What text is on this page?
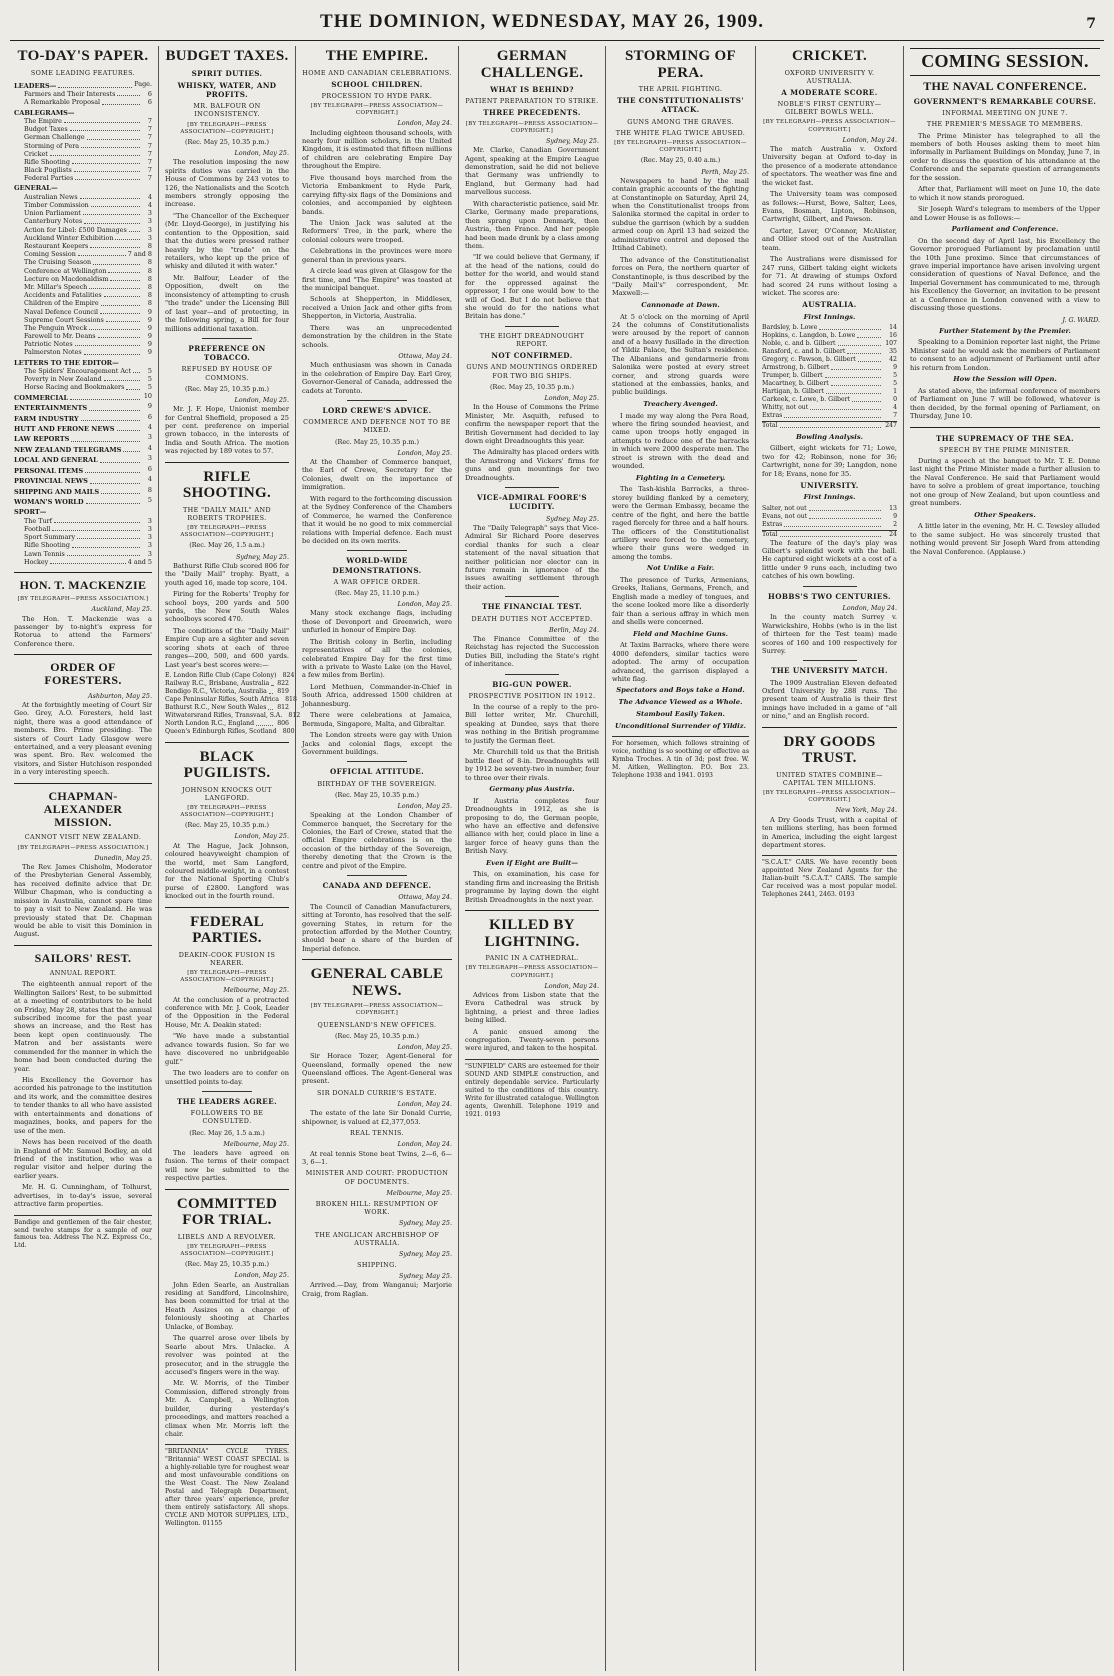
THE DOMINION, WEDNESDAY, MAY 26, 1909.	7
TO-DAY'S PAPER.
SOME LEADING FEATURES.
LEADERS—	Page.
Farmers and Their Interests	6
A Remarkable Proposal	6
CABLEGRAMS—
The Empire	7
Budget Taxes	7
German Challenge	7
Storming of Pera	7
Cricket	7
Rifle Shooting	7
Black Pugilists	7
Federal Parties	7
GENERAL—
Australian News	4
Timber Commission	4
Union Parliament	3
Canterbury Notes	3
Action for Libel: £500 Damages	3
Auckland Winter Exhibition	3
Restaurant Keepers	8
Coming Session	7 and 8
The Cruising Season	8
Conference at Wellington	8
Lecture on Macdonaldism	8
Mr. Millar's Speech	8
Accidents and Fatalities	8
Children of the Empire	8
Naval Defence Council	9
Supreme Court Sessions	9
The Penguin Wreck	9
Farewell to Mr. Deans	9
Patriotic Notes	9
Palmerston Notes	9
LETTERS TO THE EDITOR—
The Spiders' Encouragement Act	5
Poverty in New Zealand	5
Horse Racing and Bookmakers	5
COMMERCIAL	10
ENTERTAINMENTS	9
FARM INDUSTRY	6
HUTT AND FERONE NEWS	4
LAW REPORTS	3
NEW ZEALAND TELEGRAMS	4
LOCAL AND GENERAL	3
PERSONAL ITEMS	6
PROVINCIAL NEWS	4
SHIPPING AND MAILS	8
WOMAN'S WORLD	5
SPORT—
The Turf	3
Football	3
Sport Summary	3
Rifle Shooting	3
Lawn Tennis	3
Hockey	4 and 5
HON. T. MACKENZIE
[BY TELEGRAPH—PRESS ASSOCIATION.]
Auckland, May 25.
The Hon. T. Mackenzie was a passenger by to-night's express for Rotorua to attend the Farmers' Conference there.
ORDER OF FORESTERS.
Ashburton, May 25.
At the fortnightly meeting of Court Sir Geo. Grey, A.O. Foresters, held last night, there was a good attendance of members. Bro. Prime presiding. The sisters of Court Lady Glasgow were entertained, and a very pleasant evening was spent. Bro. Rev. welcomed the visitors, and Sister Hutchison responded in a very interesting speech.
CHAPMAN-ALEXANDER MISSION.
CANNOT VISIT NEW ZEALAND.
[BY TELEGRAPH—PRESS ASSOCIATION.]
Dunedin, May 25.
The Rev. James Chisholm, Moderator of the Presbyterian General Assembly, has received definite advice that Dr. Wilbur Chapman, who is conducting a mission in Australia, cannot spare time to pay a visit to New Zealand. He was previously stated that Dr. Chapman would be able to visit this Dominion in August.
SAILORS' REST.
ANNUAL REPORT.
The eighteenth annual report of the Wellington Sailors' Rest, to be submitted at a meeting of contributors to be held on Friday, May 28, states that the annual subscribed income for the past year shows an increase, and the Rest has been kept open continuously. The Matron and her assistants were commended for the manner in which the home had been conducted during the year.
His Excellency the Governor has accorded his patronage to the institution and its work, and the committee desires to tender thanks to all who have assisted with entertainments and donations of magazines, books, and papers for the use of the men.
News has been received of the death in England of Mr. Samuel Bodley, an old friend of the institution, who was a regular visitor and helper during the earlier years.
Mr. H. G. Cunningham, of Tolhurst, advertises, in to-day's issue, several attractive farm properties.
Bandige and gentlemen of the fair chester, send twelve stamps for a sample of our famous tea. Address The N.Z. Express Co., Ltd.
BUDGET TAXES.
SPIRIT DUTIES.
WHISKY, WATER, AND PROFITS.
MR. BALFOUR ON INCONSISTENCY.
[BY TELEGRAPH—PRESS ASSOCIATION—COPYRIGHT.]
(Rec. May 25, 10.35 p.m.)
London, May 25.
The resolution imposing the new spirits duties was carried in the House of Commons by 243 votes to 126, the Nationalists and the Scotch members strongly opposing the increase.
"The Chancellor of the Exchequer (Mr. Lloyd-George), in justifying his contention to the Opposition, said that the duties were pressed rather heavily by the "trade" on the retailers, who kept up the price of whisky and diluted it with water."
Mr. Balfour, Leader of the Opposition, dwelt on the inconsistency of attempting to crush "the trade" under the Licensing Bill of last year—and of protecting, in the following spring, a Bill for four millions additional taxation.
PREFERENCE ON TOBACCO.
REFUSED BY HOUSE OF COMMONS.
(Rec. May 25, 10.35 p.m.)
London, May 25.
Mr. J. F. Hope, Unionist member for Central Sheffield, proposed a 25 per cent. preference on imperial grown tobacco, in the interests of India and South Africa. The motion was rejected by 189 votes to 57.
RIFLE SHOOTING.
THE "DAILY MAIL" AND ROBERTS TROPHIES.
[BY TELEGRAPH—PRESS ASSOCIATION—COPYRIGHT.]
(Rec. May 26, 1.5 a.m.)
Sydney, May 25.
Bathurst Rifle Club scored 806 for the "Daily Mail" trophy. Byatt, a youth aged 16, made top score, 104.
Firing for the Roberts' Trophy for school boys, 200 yards and 500 yards, the New South Wales schoolboys scored 470.
The conditions of the "Daily Mail" Empire Cup are a sighter and seven scoring shots at each of three ranges—200, 500, and 600 yards. Last year's best scores were:—
E. London Rifle Club (Cape Colony) 824
Railway R.C., Brisbane, Australia	822
Bendigo R.C., Victoria, Australia	819
Cape Peninsular Rifles, South Africa 818
Bathurst R.C., New South Wales	812
Witwatersrand Rifles, Transvaal, S.A. 812
North London R.C., England	806
Queen's Edinburgh Rifles, Scotland 800
BLACK PUGILISTS.
JOHNSON KNOCKS OUT LANGFORD.
[BY TELEGRAPH—PRESS ASSOCIATION—COPYRIGHT.]
(Rec. May 25, 10.35 p.m.)
London, May 25.
At The Hague, Jack Johnson, coloured heavyweight champion of the world, met Sam Langford, coloured middle-weight, in a contest for the National Sporting Club's purse of £2800. Langford was knocked out in the fourth round.
FEDERAL PARTIES.
DEAKIN-COOK FUSION IS NEARER.
[BY TELEGRAPH—PRESS ASSOCIATION—COPYRIGHT.]
Melbourne, May 25.
At the conclusion of a protracted conference with Mr. J. Cook, Leader of the Opposition in the Federal House, Mr. A. Deakin stated:
"We have made a substantial advance towards fusion. So far we have discovered no unbridgeable gulf."
The two leaders are to confer on unsettled points to-day.
THE LEADERS AGREE.
FOLLOWERS TO BE CONSULTED.
(Rec. May 26, 1.5 a.m.)
Melbourne, May 25.
The leaders have agreed on fusion. The terms of their compact will now be submitted to the respective parties.
COMMITTED FOR TRIAL.
LIBELS AND A REVOLVER.
[BY TELEGRAPH—PRESS ASSOCIATION—COPYRIGHT.]
(Rec. May 25, 10.35 p.m.)
London, May 25.
John Eden Searle, an Australian residing at Sandford, Lincolnshire, has been committed for trial at the Heath Assizes on a charge of feloniously shooting at Charles Unlacke, of Bombay.
The quarrel arose over libels by Searle about Mrs. Unlacke. A revolver was pointed at the prosecutor, and in the struggle the accused's fingers were in the way.
Mr. W. Morris, of the Timber Commission, differed strongly from Mr. A. Campbell, a Wellington builder, during yesterday's proceedings, and matters reached a climax when Mr. Morris left the chair.
"BRITANNIA" CYCLE TYRES. "Britannia" WEST COAST SPECIAL is a highly-reliable tyre for roughest wear and most unfavourable conditions on the West Coast. The New Zealand Postal and Telegraph Department, after three years' experience, prefer them entirely satisfactory. All shops. CYCLE AND MOTOR SUPPLIES, LTD., Wellington. 01155
THE EMPIRE.
HOME AND CANADIAN CELEBRATIONS.
SCHOOL CHILDREN.
PROCESSION TO HYDE PARK.
[BY TELEGRAPH—PRESS ASSOCIATION—COPYRIGHT.]
London, May 24.
Including eighteen thousand schools, with nearly four million scholars, in the United Kingdom, it is estimated that fifteen millions of children are celebrating Empire Day throughout the Empire.
Five thousand boys marched from the Victoria Embankment to Hyde Park, carrying fifty-six flags of the Dominions and colonies, and accompanied by eighteen bands.
The Union Jack was saluted at the Reformers' Tree, in the park, where the colonial colours were trooped.
Celebrations in the provinces were more general than in previous years.
A circle lead was given at Glasgow for the first time, and "The Empire" was toasted at the municipal banquet.
Schools at Shepperton, in Middlesex, received a Union Jack and other gifts from Shepperton, in Victoria, Australia.
There was an unprecedented demonstration by the children in the State schools.
Ottawa, May 24.
Much enthusiasm was shown in Canada in the celebration of Empire Day. Earl Grey, Governor-General of Canada, addressed the cadets at Toronto.
LORD CREWE'S ADVICE.
COMMERCE AND DEFENCE NOT TO BE MIXED.
(Rec. May 25, 10.35 p.m.)
London, May 25.
At the Chamber of Commerce banquet, the Earl of Crewe, Secretary for the Colonies, dwelt on the importance of immigration.
With regard to the forthcoming discussion at the Sydney Conference of the Chambers of Commerce, he warned the Conference that it would be no good to mix commercial relations with Imperial defence. Each must be decided on its own merits.
WORLD-WIDE DEMONSTRATIONS.
A WAR OFFICE ORDER.
(Rec. May 25, 11.10 p.m.)
London, May 25.
Many stock exchange flags, including those of Devonport and Greenwich, were unfurled in honour of Empire Day.
The British colony in Berlin, including representatives of all the colonies, celebrated Empire Day for the first time with a private to Waste Lake (on the Havel, a few miles from Berlin).
Lord Methuen, Commander-in-Chief in South Africa, addressed 1500 children at Johannesburg.
There were celebrations at Jamaica, Bermuda, Singapore, Malta, and Gibraltar.
The London streets were gay with Union Jacks and colonial flags, except the Government buildings.
OFFICIAL ATTITUDE.
BIRTHDAY OF THE SOVEREIGN.
(Rec. May 25, 10.35 p.m.)
London, May 25.
Speaking at the London Chamber of Commerce banquet, the Secretary for the Colonies, the Earl of Crewe, stated that the official Empire celebrations is on the occasion of the birthday of the Sovereign, thereby denoting that the Crown is the centre and pivot of the Empire.
CANADA AND DEFENCE.
Ottawa, May 24.
The Council of Canadian Manufacturers, sitting at Toronto, has resolved that the self-governing States, in return for the protection afforded by the Mother Country, should bear a share of the burden of Imperial defence.
GENERAL CABLE NEWS.
[BY TELEGRAPH—PRESS ASSOCIATION—COPYRIGHT.]
QUEENSLAND'S NEW OFFICES.
(Rec. May 25, 10.35 p.m.)
London, May 25.
Sir Horace Tozer, Agent-General for Queensland, formally opened the new Queensland offices. The Agent-General was present.
SIR DONALD CURRIE'S ESTATE.
London, May 24.
The estate of the late Sir Donald Currie, shipowner, is valued at £2,377,053.
REAL TENNIS.
London, May 24.
At real tennis Stone beat Twins, 2—6, 6—3, 6—1.
MINISTER AND COURT: PRODUCTION OF DOCUMENTS.
Melbourne, May 25.
BROKEN HILL: RESUMPTION OF WORK.
Sydney, May 25.
THE ANGLICAN ARCHBISHOP OF AUSTRALIA.
Sydney, May 25.
SHIPPING.
Sydney, May 25.
Arrived.—Day, from Wanganui; Marjorie Craig, from Raglan.
GERMAN CHALLENGE.
WHAT IS BEHIND?
PATIENT PREPARATION TO STRIKE.
THREE PRECEDENTS.
[BY TELEGRAPH—PRESS ASSOCIATION—COPYRIGHT.]
Sydney, May 25.
Mr. Clarke, Canadian Government Agent, speaking at the Empire League demonstration, said he did not believe that Germany was unfriendly to England, but Germany had had marvellous success.
With characteristic patience, said Mr. Clarke, Germany made preparations, then sprang upon Denmark, then Austria, then France. And her people had been made drunk by a class among them.
"If we could believe that Germany, if at the head of the nations, could do better for the world, and would stand for the oppressed against the oppressor, I for one would bow to the will of God. But I do not believe that she would do for the nations what Britain has done."
THE EIGHT DREADNOUGHT REPORT.
NOT CONFIRMED.
GUNS AND MOUNTINGS ORDERED FOR TWO BIG SHIPS.
(Rec. May 25, 10.35 p.m.)
London, May 25.
In the House of Commons the Prime Minister, Mr. Asquith, refused to confirm the newspaper report that the British Government had decided to lay down eight Dreadnoughts this year.
The Admiralty has placed orders with the Armstrong and Vickers' firms for guns and gun mountings for two Dreadnoughts.
VICE-ADMIRAL FOORE'S LUCIDITY.
Sydney, May 25.
The "Daily Telegraph" says that Vice-Admiral Sir Richard Poore deserves cordial thanks for such a clear statement of the naval situation that neither politician nor elector can in future remain in ignorance of the issues awaiting settlement through their action.
THE FINANCIAL TEST.
DEATH DUTIES NOT ACCEPTED.
Berlin, May 24.
The Finance Committee of the Reichstag has rejected the Succession Duties Bill, including the State's right of inheritance.
BIG-GUN POWER.
PROSPECTIVE POSITION IN 1912.
In the course of a reply to the pro-Bill letter writer, Mr. Churchill, speaking at Dundee, says that there was nothing in the British programme to justify the German fleet.
Mr. Churchill told us that the British battle fleet of 8-in. Dreadnoughts will by 1912 be seventy-two in number, four to three over their rivals.
Germany plus Austria.
If Austria completes four Dreadnoughts in 1912, as she is proposing to do, the German people, who have an effective and defensive alliance with her, could place in line a larger force of heavy guns than the British Navy.
Even if Eight are Built—
This, on examination, his case for standing firm and increasing the British programme by laying down the eight British Dreadnoughts in the next year.
KILLED BY LIGHTNING.
PANIC IN A CATHEDRAL.
[BY TELEGRAPH—PRESS ASSOCIATION—COPYRIGHT.]
London, May 24.
Advices from Lisbon state that the Evora Cathedral was struck by lightning, a priest and three ladies being killed.
A panic ensued among the congregation. Twenty-seven persons were injured, and taken to the hospital.
"SUNFIELD" CARS are esteemed for their SOUND AND SIMPLE construction, and entirely dependable service. Particularly suited to the conditions of this country. Write for illustrated catalogue. Wellington agents, Gwenhill. Telephone 1919 and 1921. 0193
STORMING OF PERA.
THE APRIL FIGHTING.
THE CONSTITUTIONALISTS' ATTACK.
GUNS AMONG THE GRAVES.
THE WHITE FLAG TWICE ABUSED.
[BY TELEGRAPH—PRESS ASSOCIATION—COPYRIGHT.]
(Rec. May 25, 0.40 a.m.)
Perth, May 25.
Newspapers to hand by the mail contain graphic accounts of the fighting at Constantinople on Saturday, April 24, when the Constitutionalist troops from Salonika stormed the capital in order to subdue the garrison (which by a sudden armed coup on April 13 had seized the administrative control and deposed the Ittihad Cabinet).
The advance of the Constitutionalist forces on Pera, the northern quarter of Constantinople, is thus described by the "Daily Mail's" correspondent, Mr. Maxwell:—
Cannonade at Dawn.
At 5 o'clock on the morning of April 24 the columns of Constitutionalists were aroused by the report of cannon and of a heavy fusillade in the direction of Yildiz Palace, the Sultan's residence. The Albanians and gendarmerie from Salonika were posted at every street corner, and strong guards were stationed at the embassies, banks, and public buildings.
Treachery Avenged.
I made my way along the Pera Road, where the firing sounded heaviest, and came upon troops hotly engaged in attempts to reduce one of the barracks in which were 2000 desperate men. The street is strewn with the dead and wounded.
Fighting in a Cemetery.
The Tash-kishla Barracks, a three-storey building flanked by a cemetery, were the German Embassy, became the centre of the fight, and here the battle raged fiercely for three and a half hours. The officers of the Constitutionalist artillery were forced to the cemetery, where their guns were wedged in among the tombs.
Not Unlike a Fair.
The presence of Turks, Armenians, Greeks, Italians, Germans, French, and English made a medley of tongues, and the scene looked more like a disorderly fair than a serious affray in which men and shells were concerned.
Field and Machine Guns.
At Taxim Barracks, where there were 4000 defenders, similar tactics were adopted. The army of occupation advanced, the garrison displayed a white flag.
Spectators and Boys take a Hand.
The Advance Viewed as a Whole.
Stamboul Easily Taken.
Unconditional Surrender of Yildiz.
For horsemen, which follows straining of voice, nothing is so soothing or effective as Kymba Troches. A tin of 3d; post free. W. M. Aitken, Wellington. P.O. Box 23. Telephone 1938 and 1941. 0193
CRICKET.
OXFORD UNIVERSITY V. AUSTRALIA.
A MODERATE SCORE.
NOBLE'S FIRST CENTURY—GILBERT BOWLS WELL.
[BY TELEGRAPH—PRESS ASSOCIATION—COPYRIGHT.]
London, May 24.
The match Australia v. Oxford University began at Oxford to-day in the presence of a moderate attendance of spectators. The weather was fine and the wicket fast.
The University team was composed as follows:—Hurst, Bowe, Salter, Lees, Evans, Bosman, Lipton, Robinson, Cartwright, Gilbert, and Pawson.
Carter, Laver, O'Connor, McAlister, and Ollier stood out of the Australian team.
The Australians were dismissed for 247 runs, Gilbert taking eight wickets for 71. At drawing of stumps Oxford had scored 24 runs without losing a wicket. The scores are:
AUSTRALIA.
First Innings.
Bardsley, b. Lowe	14
Hopkins, c. Langdon, b. Lowe	16
Noble, c. and b. Gilbert	107
Ransford, c. and b. Gilbert	35
Gregory, c. Pawson, b. Gilbert	42
Armstrong, b. Gilbert	9
Trumper, b. Gilbert	5
Macartney, b. Gilbert	5
Hartigan, b. Gilbert	1
Carkeek, c. Lowe, b. Gilbert	0
Whitty, not out	4
Extras	7
Total	247
Bowling Analysis.
Gilbert, eight wickets for 71; Lowe, two for 42; Robinson, none for 36; Cartwright, none for 39; Langdon, none for 18; Evans, none for 35.
UNIVERSITY.
First Innings.
Salter, not out	13
Evans, not out	9
Extras	2
Total	24
The feature of the day's play was Gilbert's splendid work with the ball. He captured eight wickets at a cost of a little under 9 runs each, including two catches of his own bowling.
HOBBS'S TWO CENTURIES.
London, May 24.
In the county match Surrey v. Warwickshire, Hobbs (who is in the list of thirteen for the Test team) made scores of 160 and 100 respectively for Surrey.
THE UNIVERSITY MATCH.
The 1909 Australian Eleven defeated Oxford University by 288 runs. The present team of Australia is their first innings have included in a game of "all or nine," and an English record.
DRY GOODS TRUST.
UNITED STATES COMBINE—CAPITAL TEN MILLIONS.
[BY TELEGRAPH—PRESS ASSOCIATION—COPYRIGHT.]
New York, May 24.
A Dry Goods Trust, with a capital of ten millions sterling, has been formed in America, including the eight largest department stores.
"S.C.A.T." CARS. We have recently been appointed New Zealand Agents for the Italian-built "S.C.A.T." CARS. The sample Car received was a most popular model. Telephones 2441, 2463. 0193
COMING SESSION.
THE NAVAL CONFERENCE.
GOVERNMENT'S REMARKABLE COURSE.
INFORMAL MEETING ON JUNE 7.
THE PREMIER'S MESSAGE TO MEMBERS.
The Prime Minister has telegraphed to all the members of both Houses asking them to meet him informally in Parliament Buildings on Monday, June 7, in order to discuss the question of his attendance at the Conference and the separate question of arrangements for the session.
After that, Parliament will meet on June 10, the date to which it now stands prorogued.
Sir Joseph Ward's telegram to members of the Upper and Lower House is as follows:—
Parliament and Conference.
On the second day of April last, his Excellency the Governor prorogued Parliament by proclamation until the 10th June proximo. Since that circumstances of grave imperial importance have arisen involving urgent consideration of questions of Naval Defence, and the Imperial Government has communicated to me, through his Excellency the Governor, an invitation to be present at a Conference in London convened with a view to discussing those questions.
J. G. WARD.
Further Statement by the Premier.
Speaking to a Dominion reporter last night, the Prime Minister said he would ask the members of Parliament to consent to an adjournment of Parliament until after his return from London.
How the Session will Open.
As stated above, the informal conference of members of Parliament on June 7 will be followed, whatever is then decided, by the formal opening of Parliament, on Thursday, June 10.
THE SUPREMACY OF THE SEA.
SPEECH BY THE PRIME MINISTER.
During a speech at the banquet to Mr. T. E. Donne last night the Prime Minister made a further allusion to the Naval Conference. He said that Parliament would have to solve a problem of great importance, touching not one group of New Zealand, but upon countless and great numbers.
Other Speakers.
A little later in the evening, Mr. H. C. Tewsley alluded to the same subject. He was sincerely trusted that nothing would prevent Sir Joseph Ward from attending the Naval Conference. (Applause.)
